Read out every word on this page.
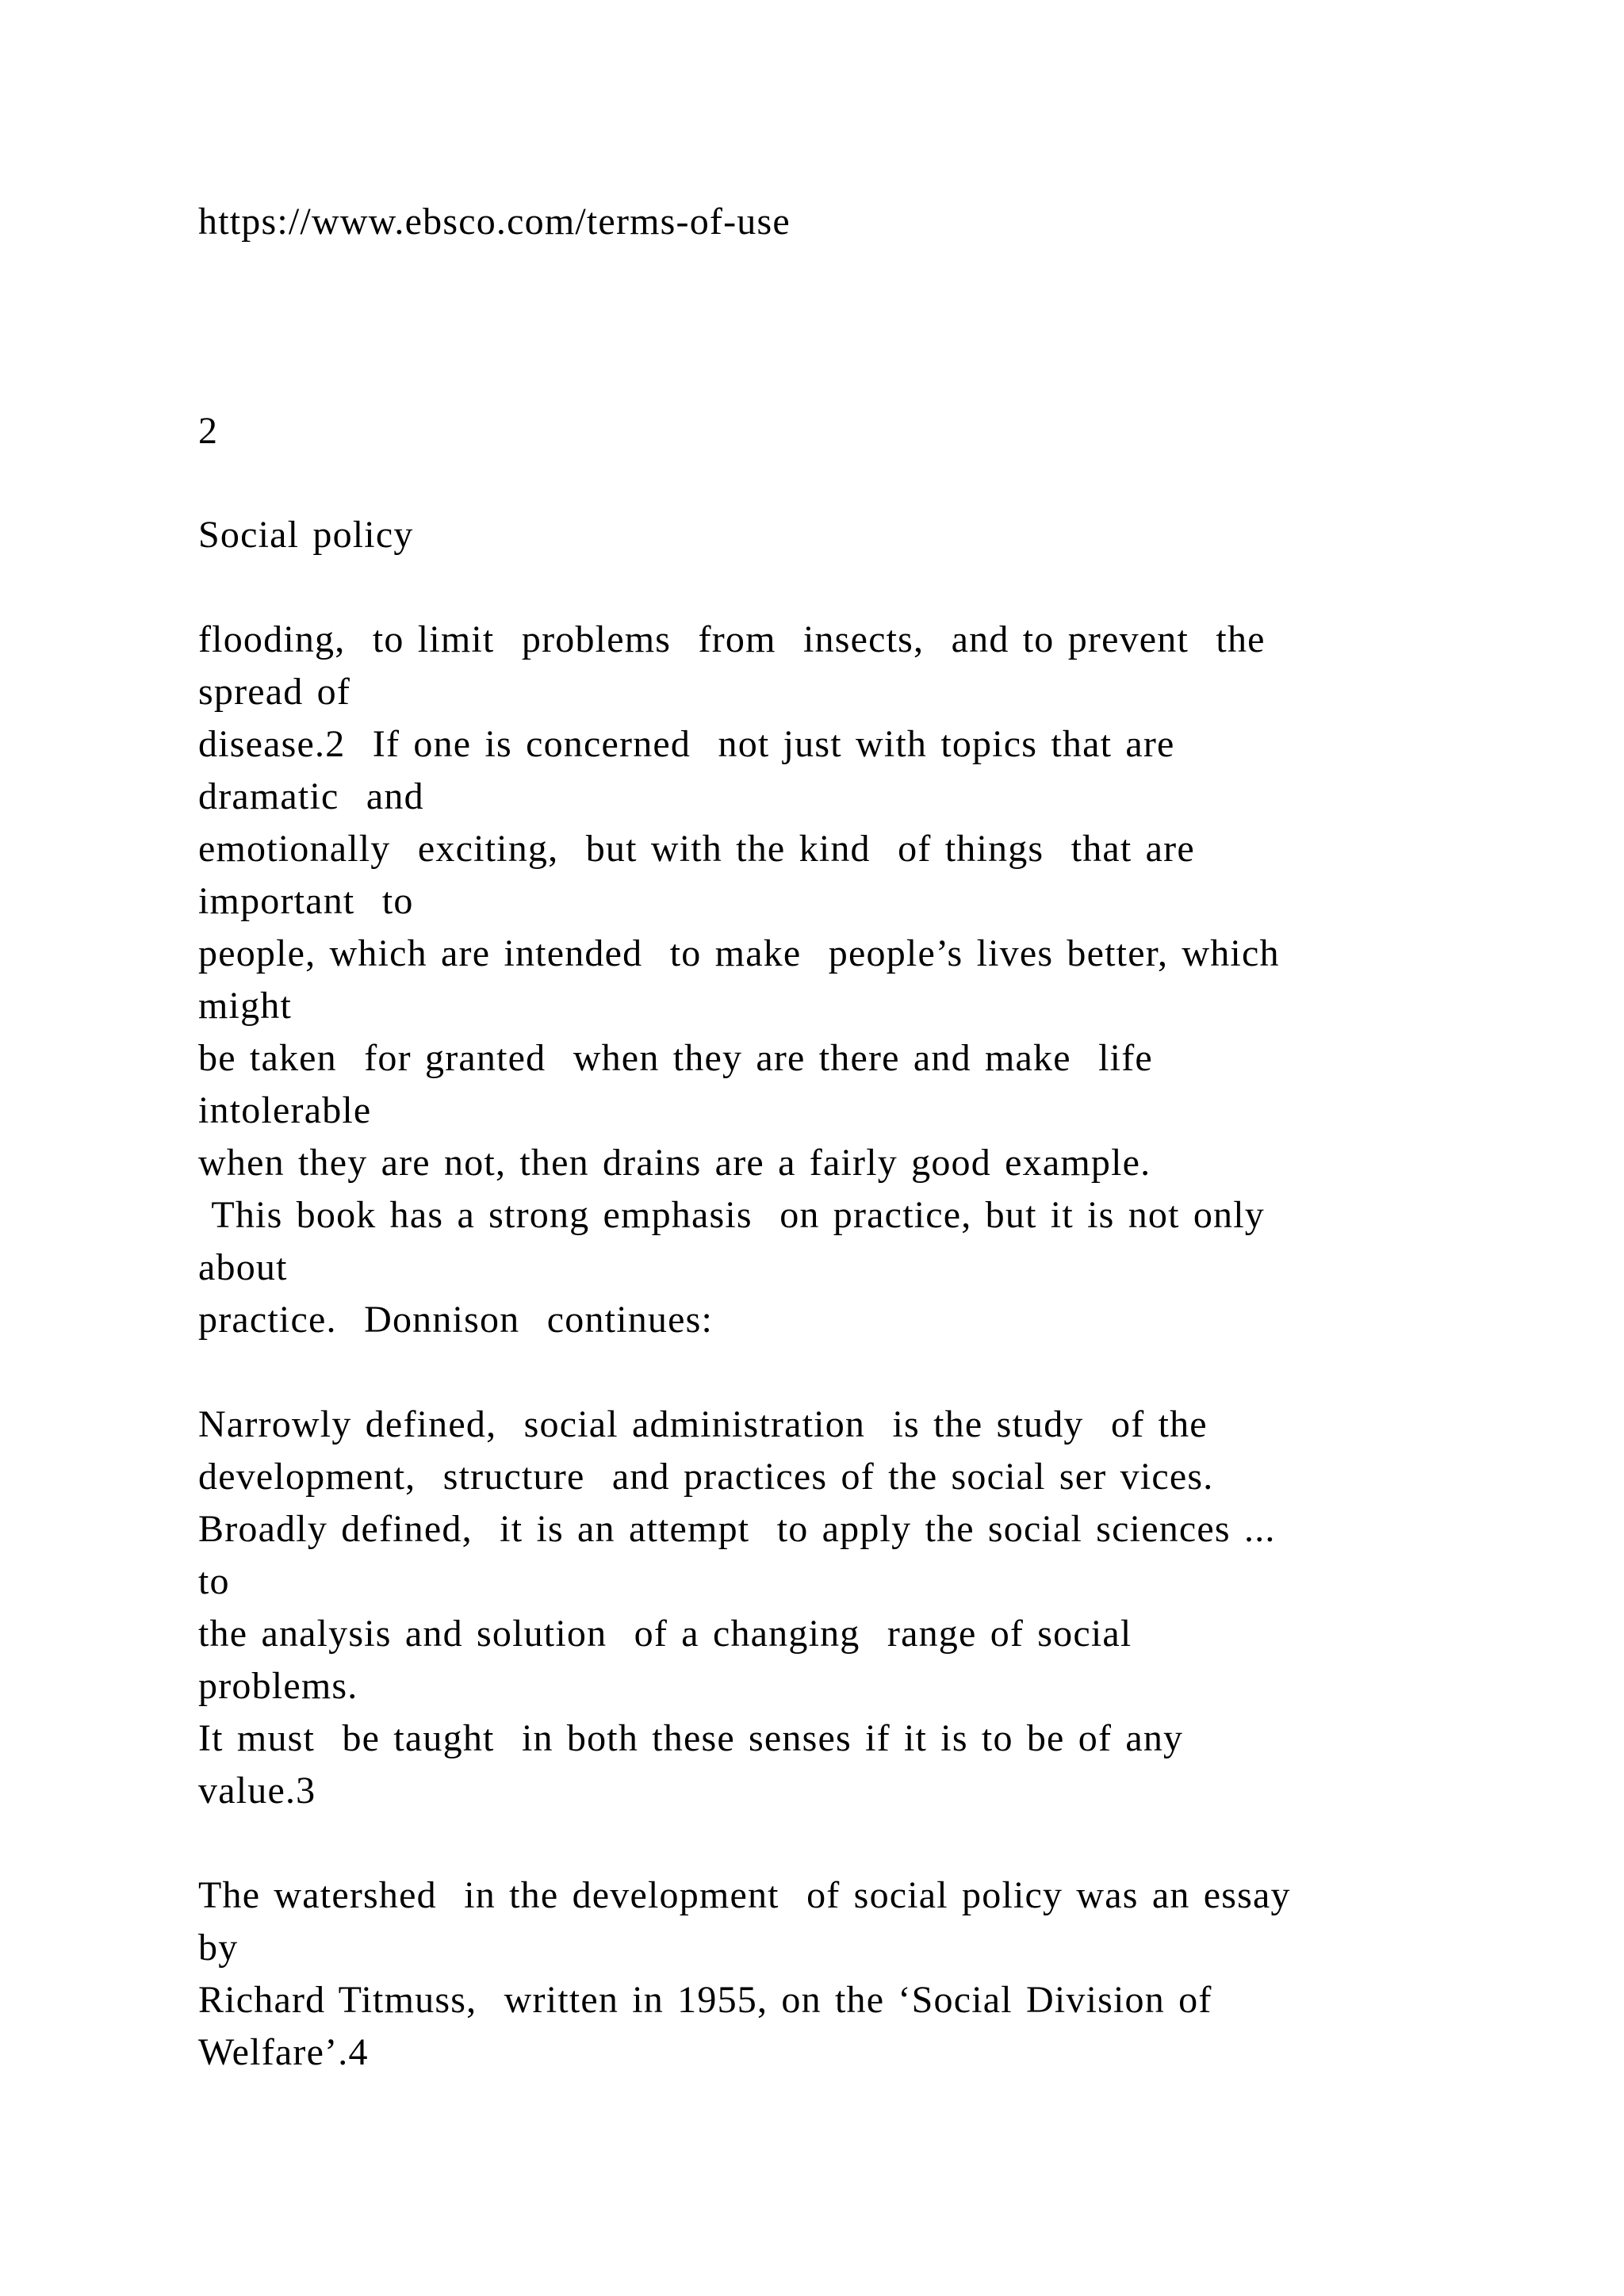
https://www.ebsco.com/terms-of-use
2
Social policy
flooding,  to limit  problems  from  insects,  and to prevent  the
spread of
disease.2  If one is concerned  not just with topics that are
dramatic  and
emotionally  exciting,  but with the kind  of things  that are
important  to
people, which are intended  to make  people’s lives better, which
might
be taken  for granted  when they are there and make  life
intolerable
when they are not, then drains are a fairly good example.
This book has a strong emphasis  on practice, but it is not only
about
practice.  Donnison  continues:
Narrowly defined,  social administration  is the study  of the
development,  structure  and practices of the social ser vices.
Broadly defined,  it is an attempt  to apply the social sciences ...
to
the analysis and solution  of a changing  range of social
problems.
It must  be taught  in both these senses if it is to be of any
value.3
The watershed  in the development  of social policy was an essay
by
Richard Titmuss,  written in 1955, on the ‘Social Division of
Welfare’.4
